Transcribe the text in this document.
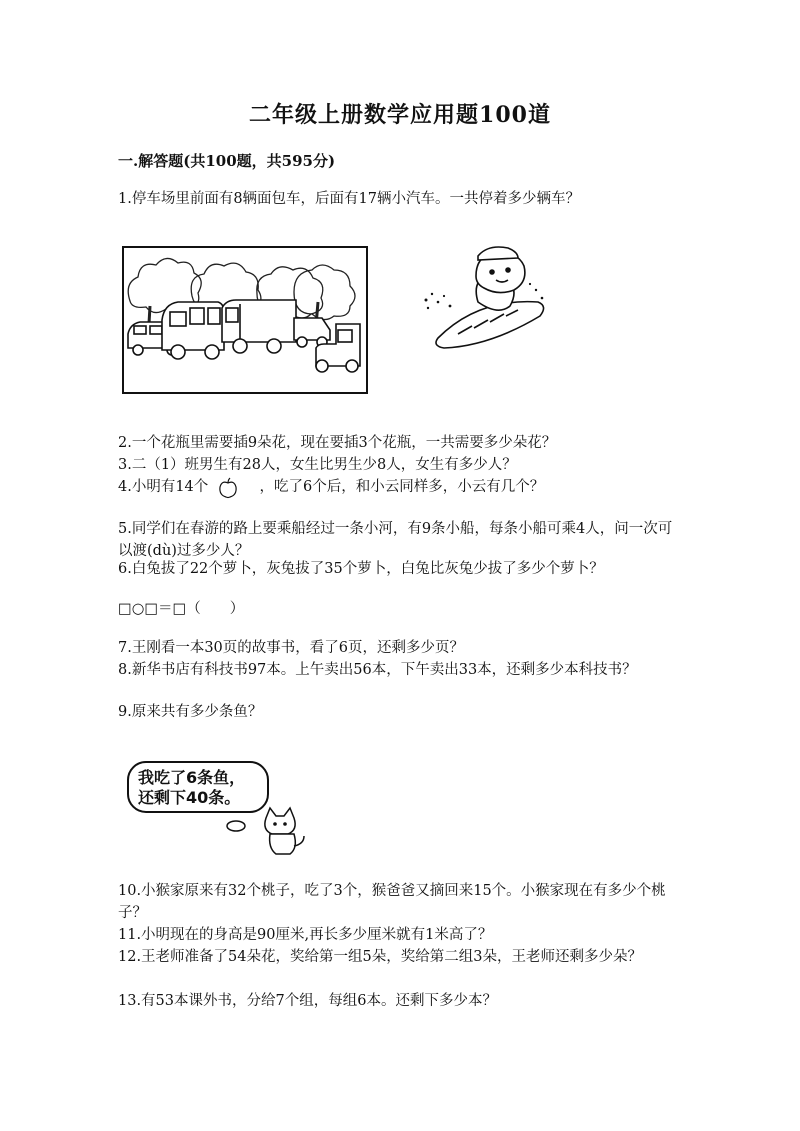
二年级上册数学应用题100道
一.解答题(共100题，共595分)
1.停车场里前面有8辆面包车，后面有17辆小汽车。一共停着多少辆车？
2.一个花瓶里需要插9朵花，现在要插3个花瓶，一共需要多少朵花？
3.二（1）班男生有28人，女生比男生少8人，女生有多少人？
4.小明有14个	，吃了6个后，和小云同样多，小云有几个？
5.同学们在春游的路上要乘船经过一条小河，有9条小船，每条小船可乘4人，问一次可以渡(dù)过多少人？
6.白兔拔了22个萝卜，灰兔拔了35个萝卜，白兔比灰兔少拔了多少个萝卜？
□○□＝□（　　）
7.王刚看一本30页的故事书，看了6页，还剩多少页？
8.新华书店有科技书97本。上午卖出56本，下午卖出33本，还剩多少本科技书？
9.原来共有多少条鱼？
我吃了6条鱼，
还剩下40条。
10.小猴家原来有32个桃子，吃了3个，猴爸爸又摘回来15个。小猴家现在有多少个桃子？
11.小明现在的身高是90厘米,再长多少厘米就有1米高了？
12.王老师准备了54朵花，奖给第一组5朵，奖给第二组3朵，王老师还剩多少朵？
13.有53本课外书，分给7个组，每组6本。还剩下多少本？
